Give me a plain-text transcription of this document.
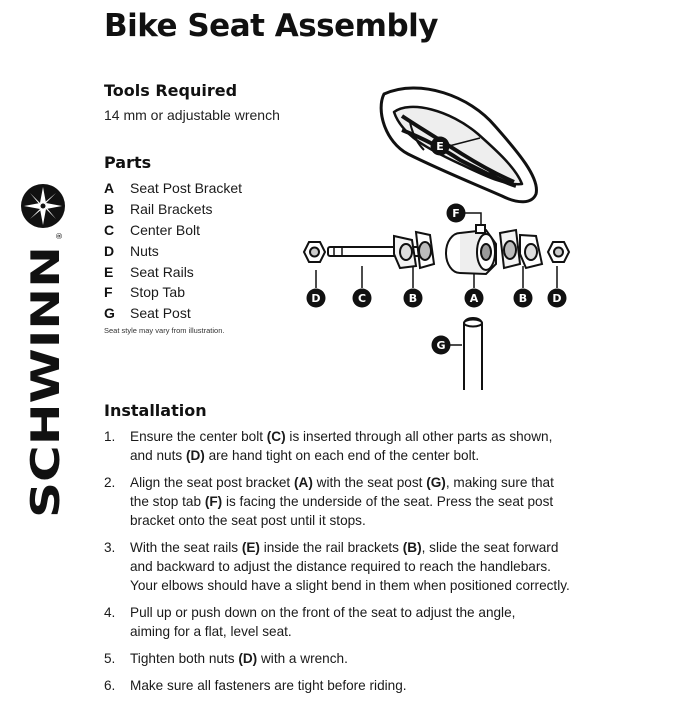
Bike Seat Assembly
SCHWINN
®
Tools Required
14 mm or adjustable wrench
Parts
A	Seat Post Bracket
B	Rail Brackets
C	Center Bolt
D	Nuts
E	Seat Rails
F	Stop Tab
G	Seat Post
Seat style may vary from illustration.
D	C	B	A	B D
F
E
G
Installation
1.	Ensure the center bolt (C) is inserted through all other parts as shown,
and nuts (D) are hand tight on each end of the center bolt.
2.	Align the seat post bracket (A) with the seat post (G), making sure that
the stop tab (F) is facing the underside of the seat. Press the seat post
bracket onto the seat post until it stops.
3.	With the seat rails (E) inside the rail brackets (B), slide the seat forward
and backward to adjust the distance required to reach the handlebars.
Your elbows should have a slight bend in them when positioned correctly.
4.	Pull up or push down on the front of the seat to adjust the angle,
aiming for a flat, level seat.
5.	Tighten both nuts (D) with a wrench.
6.	Make sure all fasteners are tight before riding.
